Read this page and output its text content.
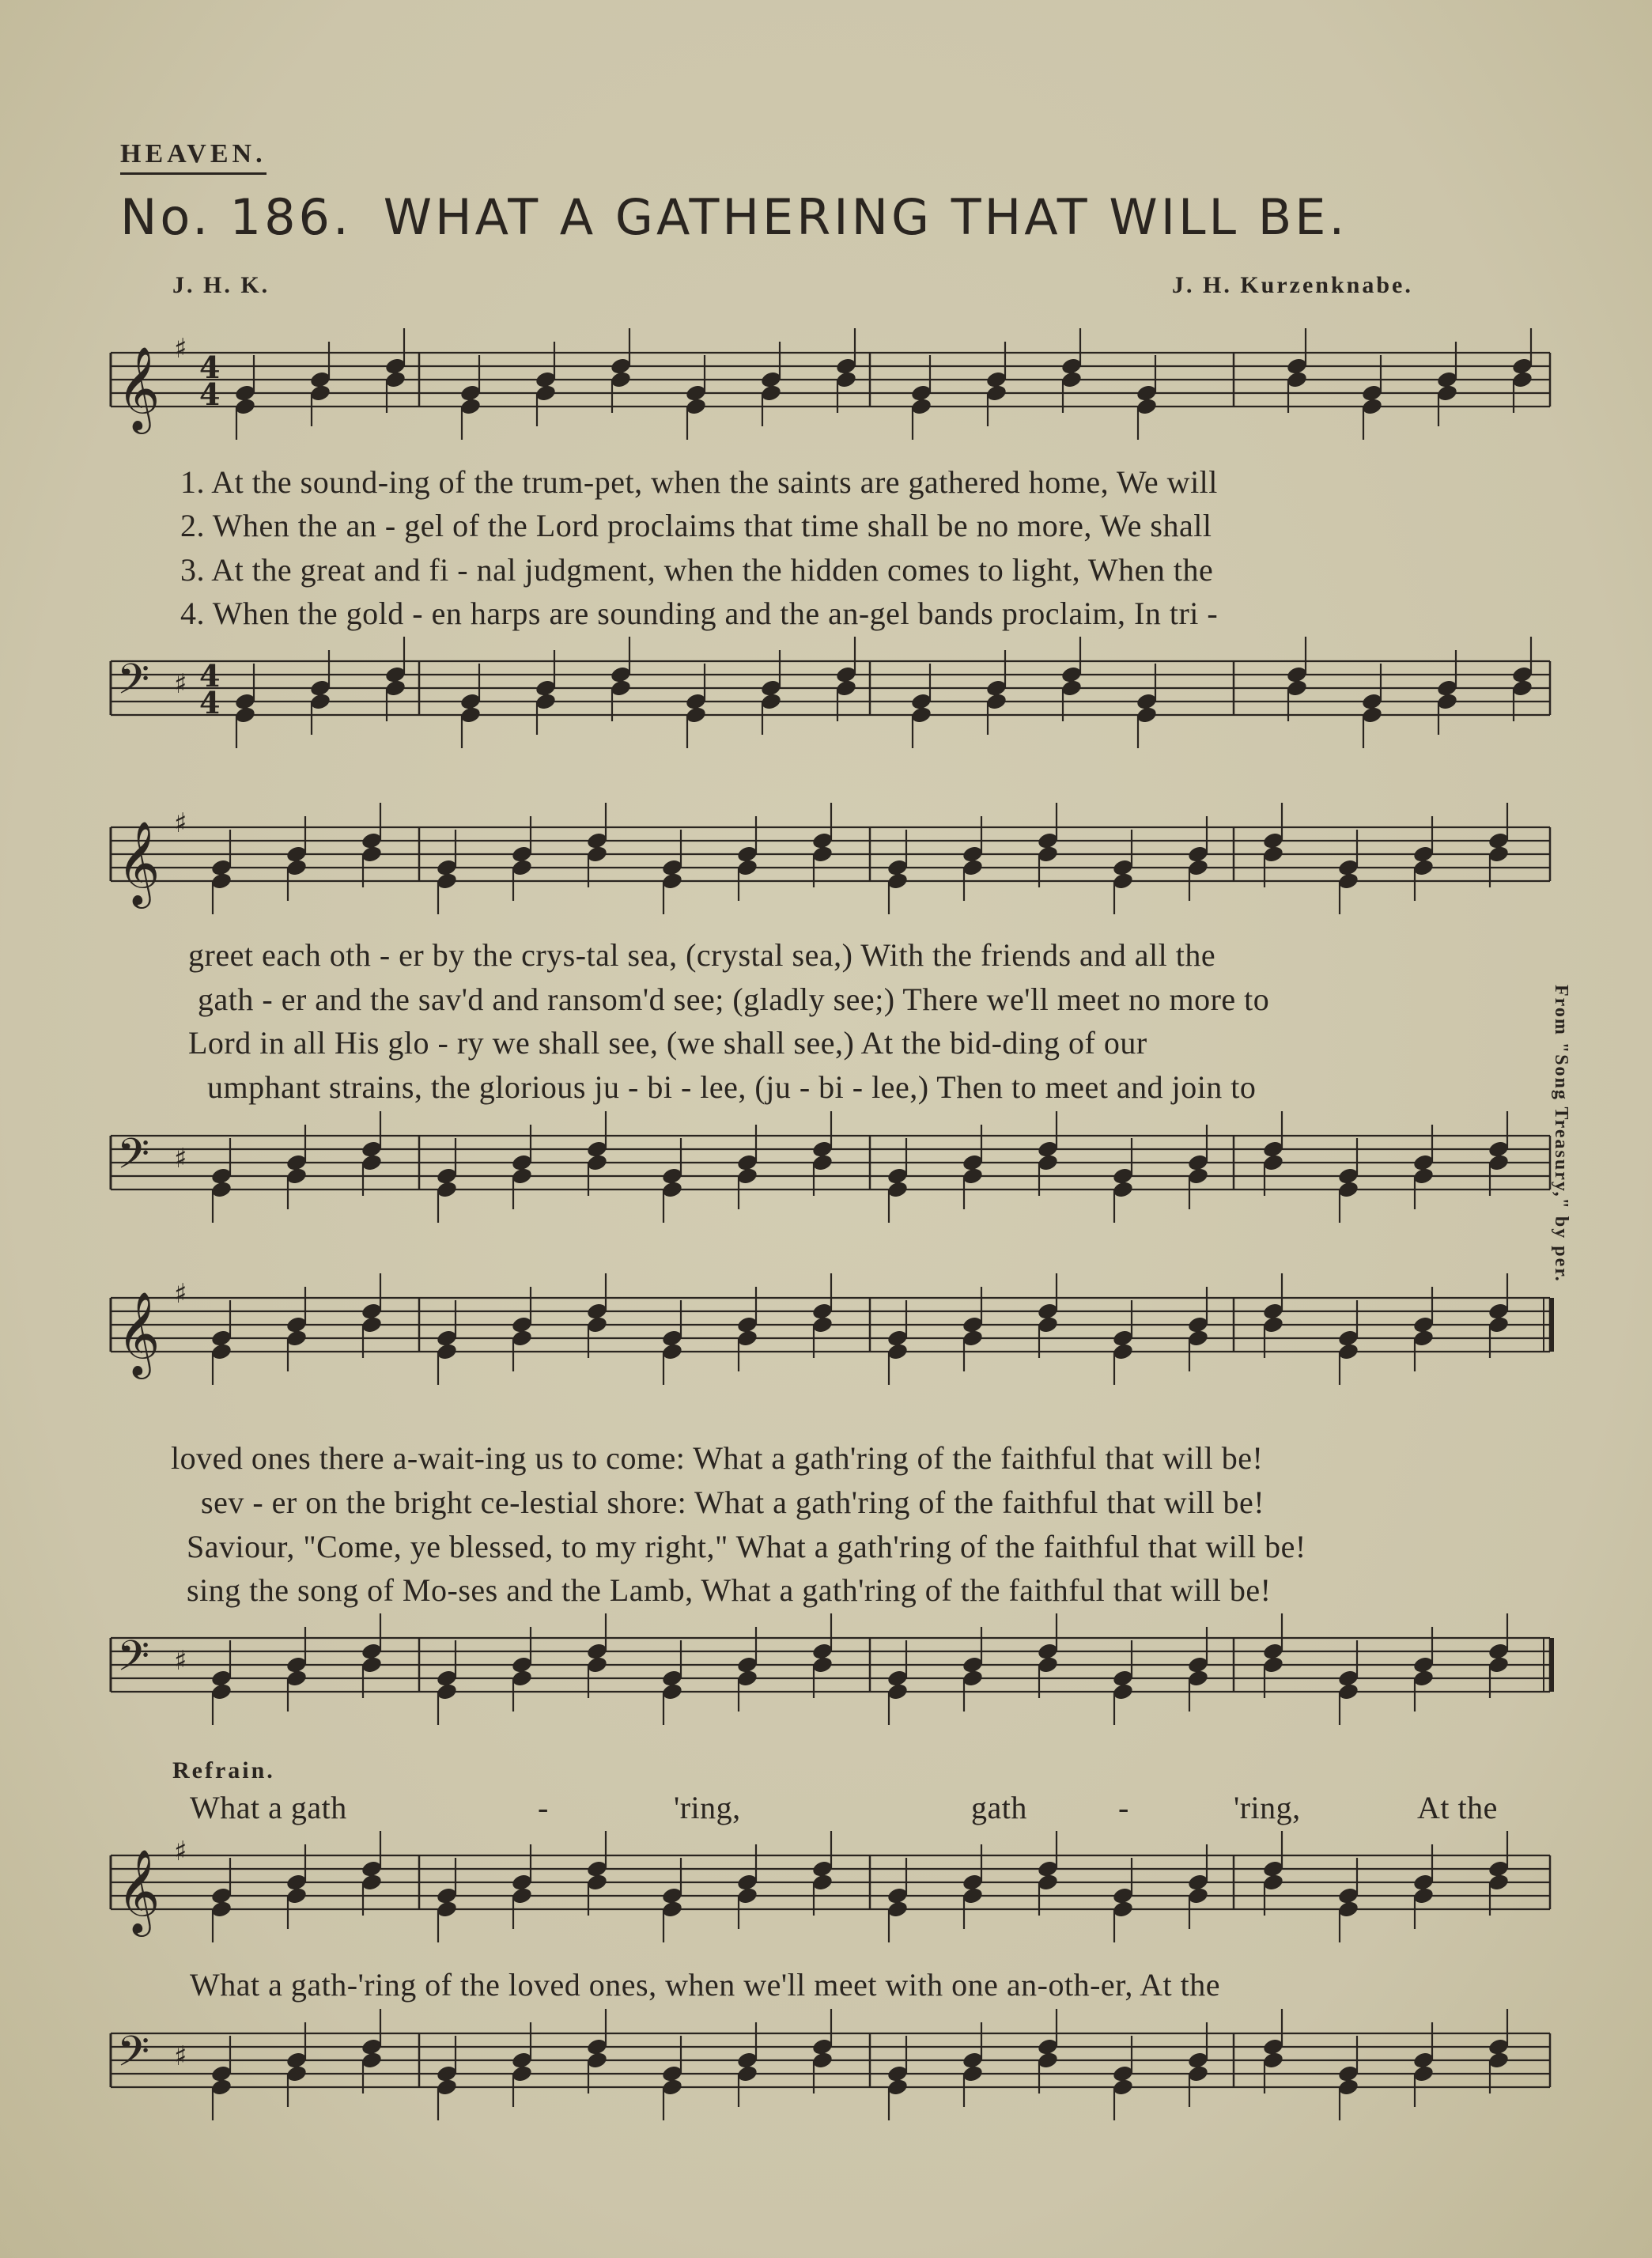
HEAVEN.
No. 186. WHAT A GATHERING THAT WILL BE.
J. H. K.	J. H. Kurzenknabe.
From "Song Treasury," by per.
𝄞 ♯
4
4
1. At the sound-ing of the trum-pet, when the saints are gathered home, We will
2. When the an - gel of the Lord proclaims that time shall be no more, We shall
3. At the great and fi - nal judgment, when the hidden comes to light, When the
4. When the gold - en harps are sounding and the an-gel bands proclaim, In tri -
𝄢 ♯ 4
4
𝄞 ♯
greet each oth - er by the crys-tal sea, (crystal sea,) With the friends and all the
gath - er and the sav'd and ransom'd see; (gladly see;) There we'll meet no more to
Lord in all His glo - ry we shall see, (we shall see,) At the bid-ding of our
umphant strains, the glorious ju - bi - lee, (ju - bi - lee,) Then to meet and join to
𝄢 ♯
𝄞 ♯
loved ones there a-wait-ing us to come: What a gath'ring of the faithful that will be!
sev - er on the bright ce-lestial shore: What a gath'ring of the faithful that will be!
Saviour, "Come, ye blessed, to my right," What a gath'ring of the faithful that will be!
sing the song of Mo-ses and the Lamb, What a gath'ring of the faithful that will be!
𝄢 ♯
Refrain.
What a gath	-	'ring,	gath	-	'ring,	At the
𝄞 ♯
What a gath-'ring of the loved ones, when we'll meet with one an-oth-er, At the
𝄢 ♯
